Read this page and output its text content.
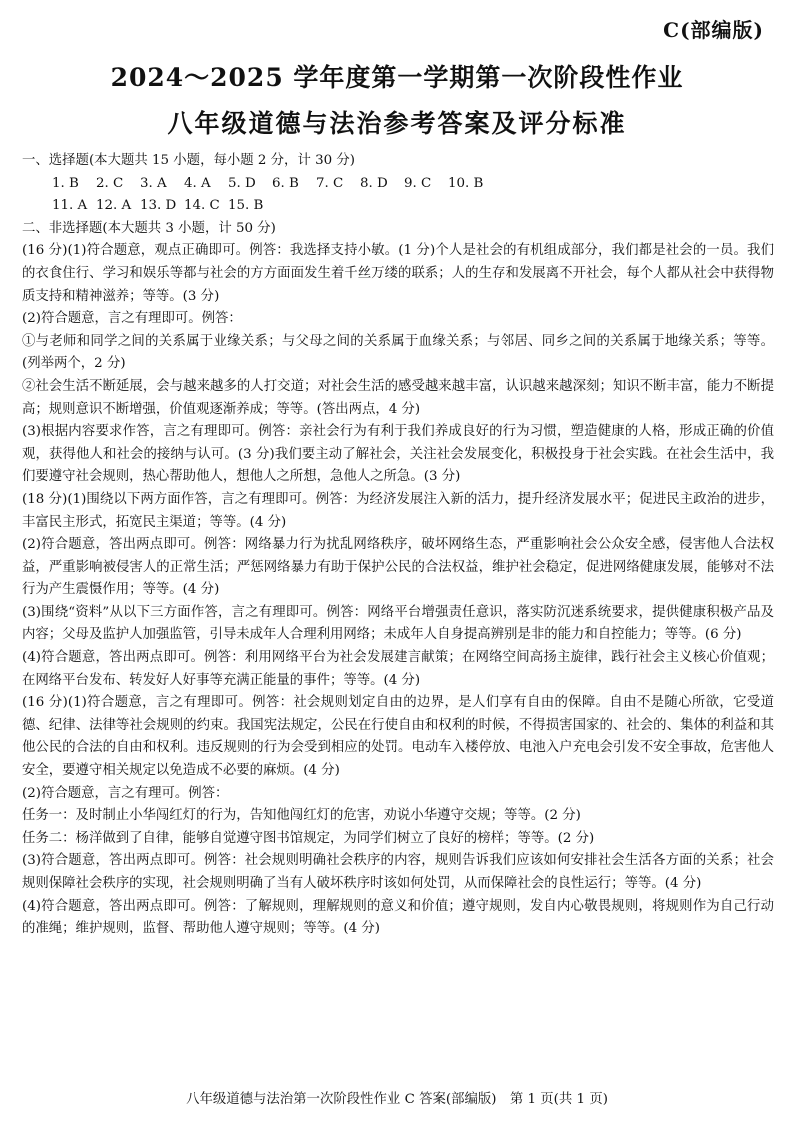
C(部编版)
2024～2025 学年度第一学期第一次阶段性作业
八年级道德与法治参考答案及评分标准

一、选择题(本大题共 15 小题，每小题 2 分，计 30 分)

1. B 2. C 3. A 4. A 5. D 6. B 7. C 8. D 9. C 10. B

11. A 12. A 13. D 14. C 15. B

二、非选择题(本大题共 3 小题，计 50 分)

(16 分)(1)符合题意，观点正确即可。例答：我选择支持小敏。(1 分)个人是社会的有机组成部分，我们都是社会的一员。我们的衣食住行、学习和娱乐等都与社会的方方面面发生着千丝万缕的联系；人的生存和发展离不开社会，每个人都从社会中获得物质支持和精神滋养；等等。(3 分)

(2)符合题意，言之有理即可。例答：

①与老师和同学之间的关系属于业缘关系；与父母之间的关系属于血缘关系；与邻居、同乡之间的关系属于地缘关系；等等。(列举两个，2 分)

②社会生活不断延展，会与越来越多的人打交道；对社会生活的感受越来越丰富，认识越来越深刻；知识不断丰富，能力不断提高；规则意识不断增强，价值观逐渐养成；等等。(答出两点，4 分)

(3)根据内容要求作答，言之有理即可。例答：亲社会行为有利于我们养成良好的行为习惯，塑造健康的人格，形成正确的价值观，获得他人和社会的接纳与认可。(3 分)我们要主动了解社会，关注社会发展变化，积极投身于社会实践。在社会生活中，我们要遵守社会规则，热心帮助他人，想他人之所想，急他人之所急。(3 分)

(18 分)(1)围绕以下两方面作答，言之有理即可。例答：为经济发展注入新的活力，提升经济发展水平；促进民主政治的进步，丰富民主形式，拓宽民主渠道；等等。(4 分)

(2)符合题意，答出两点即可。例答：网络暴力行为扰乱网络秩序，破坏网络生态，严重影响社会公众安全感，侵害他人合法权益，严重影响被侵害人的正常生活；严惩网络暴力有助于保护公民的合法权益，维护社会稳定，促进网络健康发展，能够对不法行为产生震慑作用；等等。(4 分)

(3)围绕“资料”从以下三方面作答，言之有理即可。例答：网络平台增强责任意识，落实防沉迷系统要求，提供健康积极产品及内容；父母及监护人加强监管，引导未成年人合理利用网络；未成年人自身提高辨别是非的能力和自控能力；等等。(6 分)

(4)符合题意，答出两点即可。例答：利用网络平台为社会发展建言献策；在网络空间高扬主旋律，践行社会主义核心价值观；在网络平台发布、转发好人好事等充满正能量的事件；等等。(4 分)

(16 分)(1)符合题意，言之有理即可。例答：社会规则划定自由的边界，是人们享有自由的保障。自由不是随心所欲，它受道德、纪律、法律等社会规则的约束。我国宪法规定，公民在行使自由和权利的时候，不得损害国家的、社会的、集体的利益和其他公民的合法的自由和权利。违反规则的行为会受到相应的处罚。电动车入楼停放、电池入户充电会引发不安全事故，危害他人安全，要遵守相关规定以免造成不必要的麻烦。(4 分)

(2)符合题意，言之有理可。例答：

任务一：及时制止小华闯红灯的行为，告知他闯红灯的危害，劝说小华遵守交规；等等。(2 分)

任务二：杨洋做到了自律，能够自觉遵守图书馆规定，为同学们树立了良好的榜样；等等。(2 分)

(3)符合题意，答出两点即可。例答：社会规则明确社会秩序的内容，规则告诉我们应该如何安排社会生活各方面的关系；社会规则保障社会秩序的实现，社会规则明确了当有人破坏秩序时该如何处罚，从而保障社会的良性运行；等等。(4 分)

(4)符合题意，答出两点即可。例答：了解规则，理解规则的意义和价值；遵守规则，发自内心敬畏规则，将规则作为自己行动的准绳；维护规则，监督、帮助他人遵守规则；等等。(4 分)

八年级道德与法治第一次阶段性作业 C 答案(部编版)　第 1 页(共 1 页)
